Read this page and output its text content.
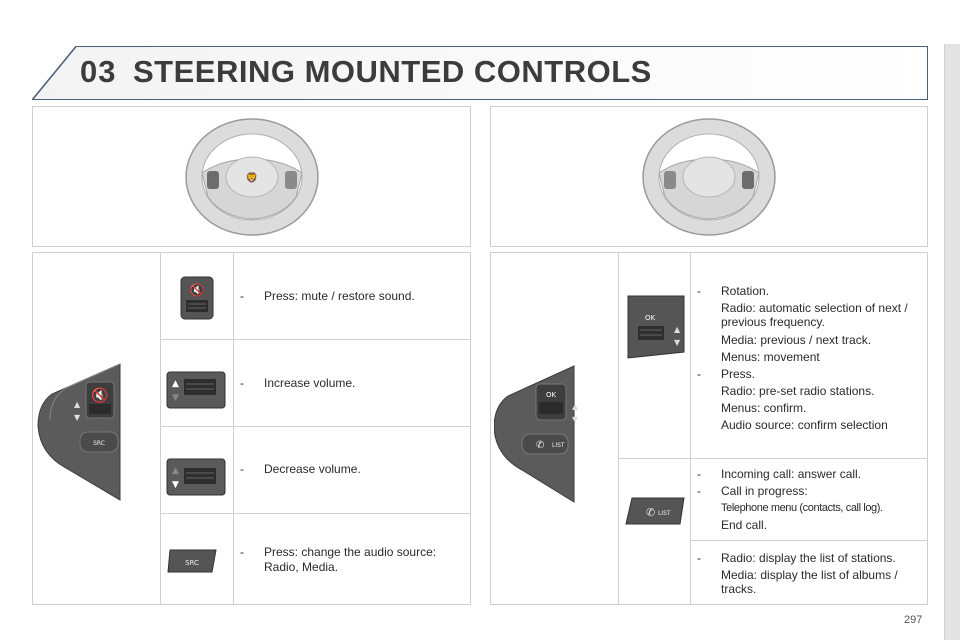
03 STEERING MOUNTED CONTROLS
🦁
🔇
▲
▼
SRC
🔇
▲
▼
▲
▼
SRC
- Press: mute / restore sound.
- Increase volume.
- Decrease volume.
- Press: change the audio source:
Radio, Media.
OK
▲
▼
✆ LIST
OK
▲
▼
✆ LIST
- Rotation.
Radio: automatic selection of next / previous frequency.
Media: previous / next track.
Menus: movement
- Press.
Radio: pre-set radio stations.
Menus: confirm.
Audio source: confirm selection
- Incoming call: answer call.
- Call in progress:
Telephone menu (contacts, call log).
End call.
- Radio: display the list of stations.
Media: display the list of albums / tracks.
297
